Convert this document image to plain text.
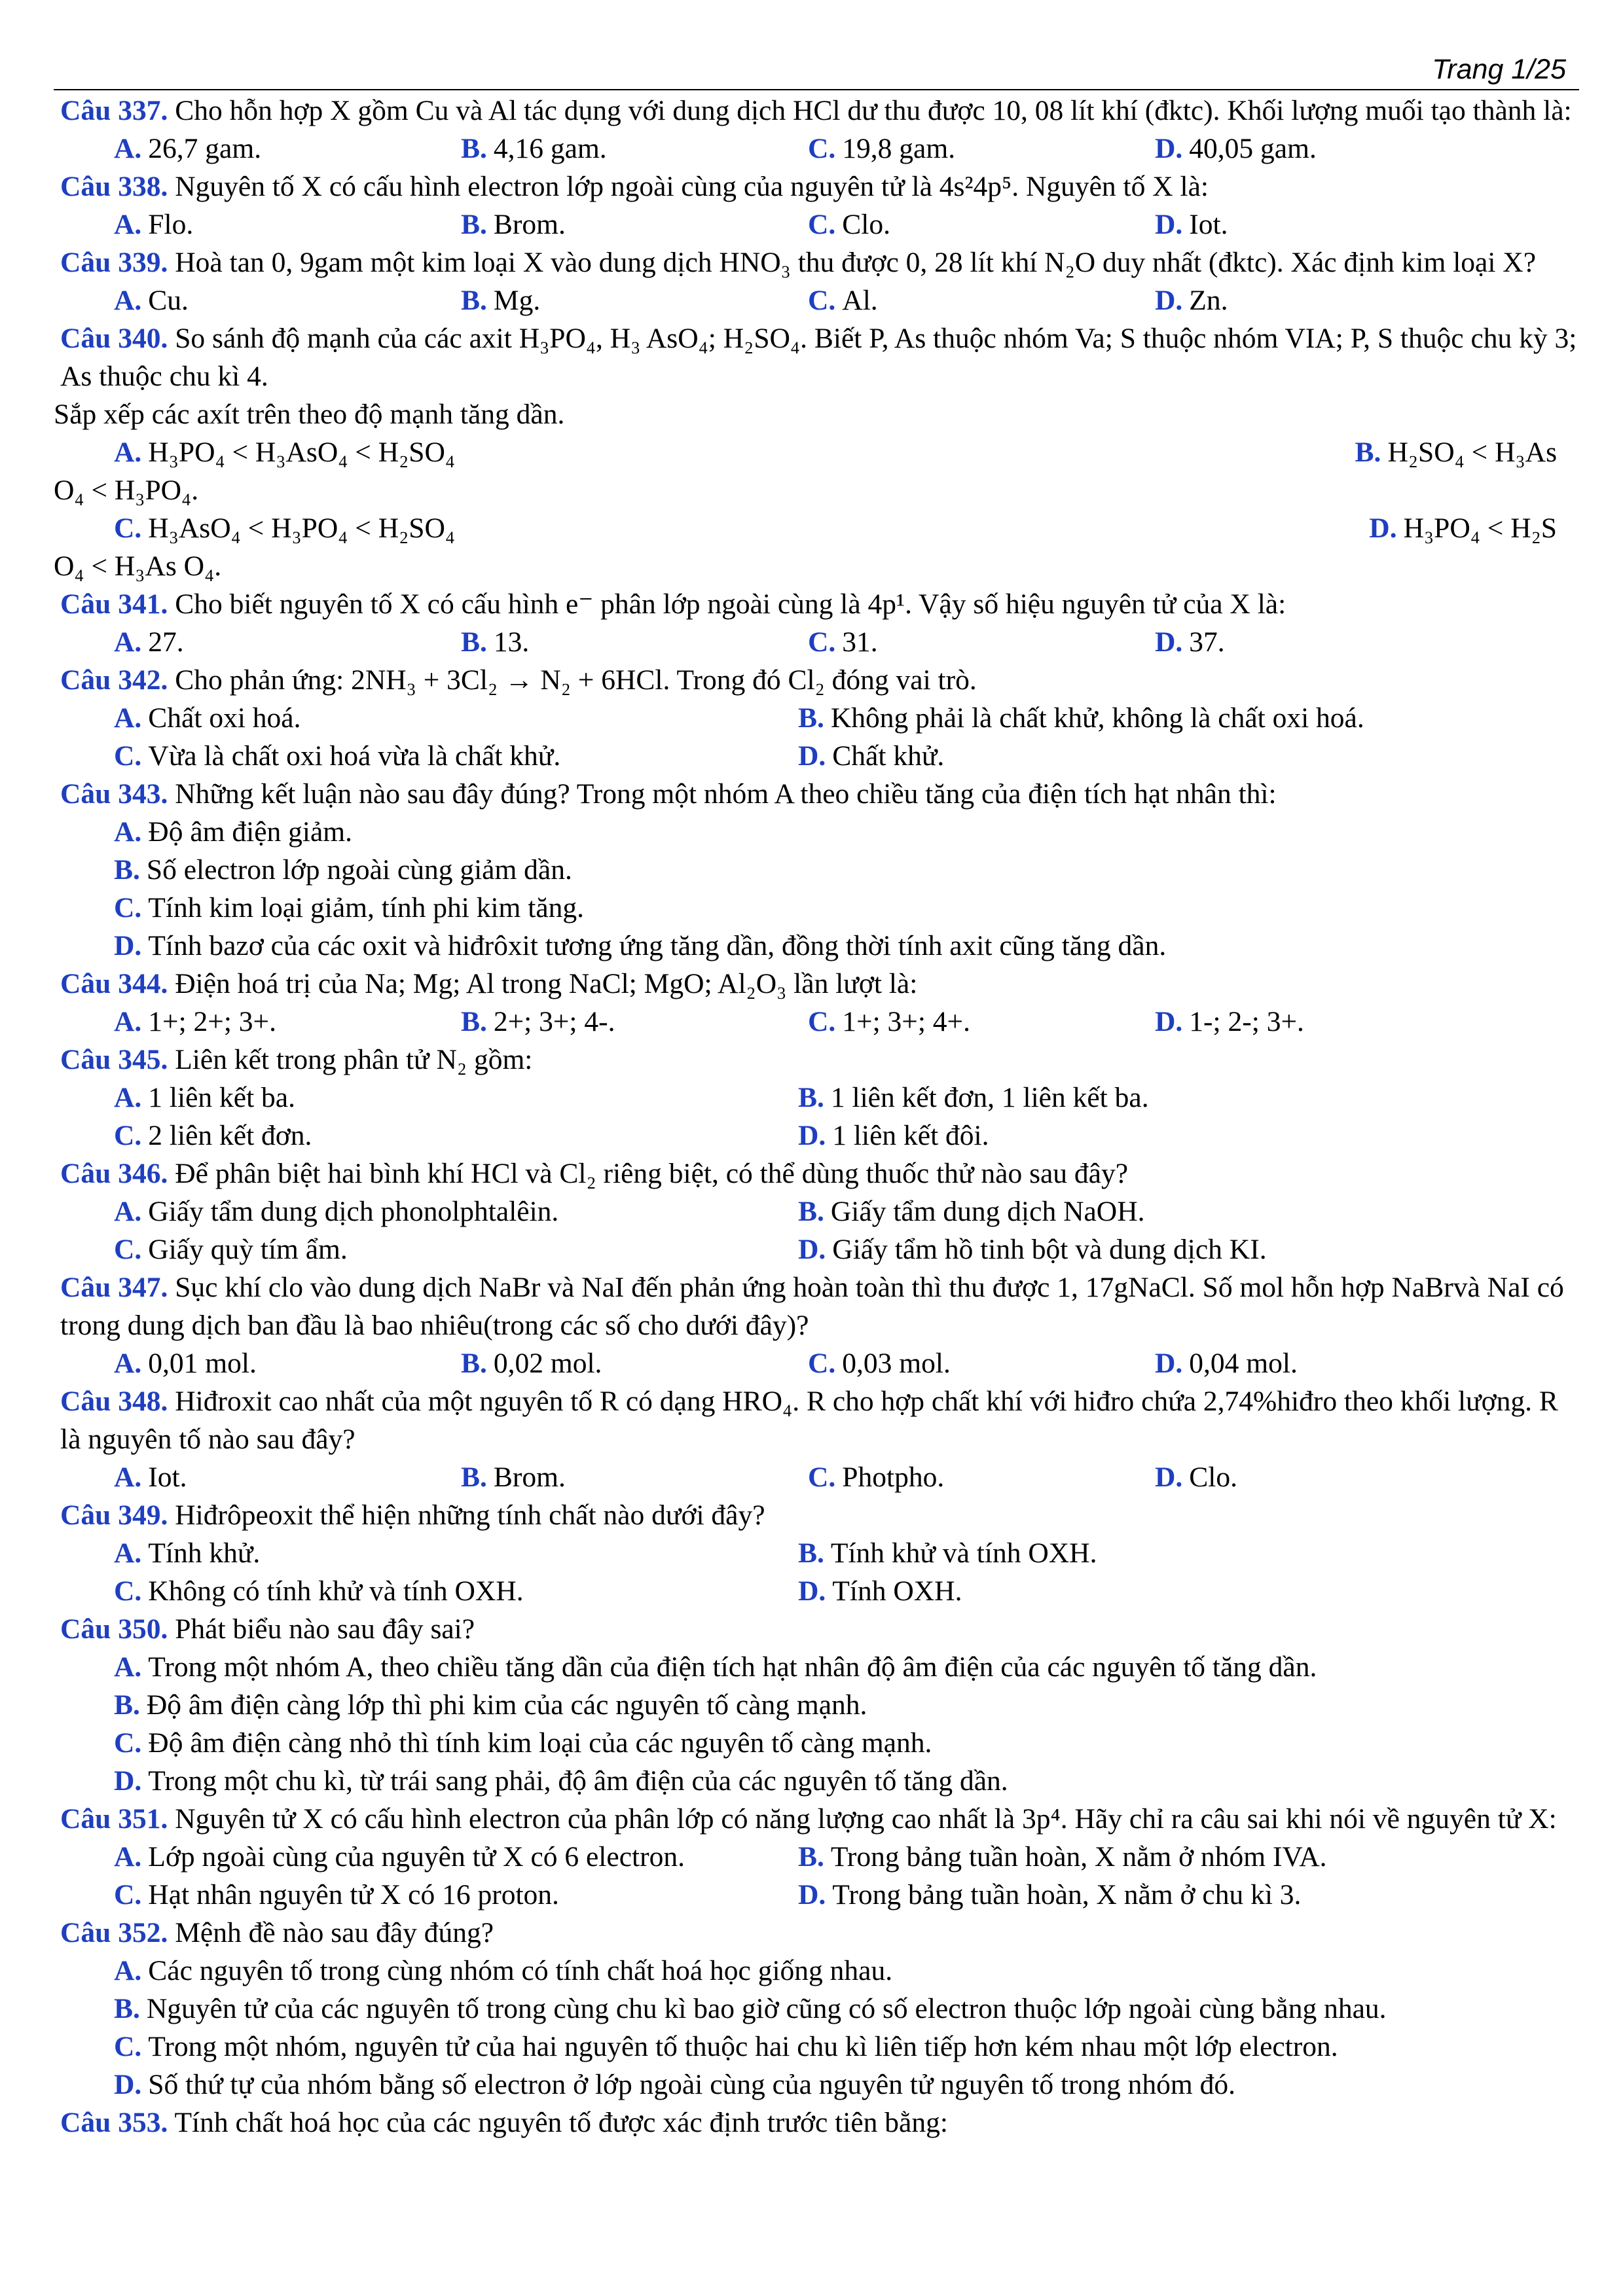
Trang 1/25
Câu 337. Cho hỗn hợp X gồm Cu và Al tác dụng với dung dịch HCl dư thu được 10, 08 lít khí (đktc). Khối lượng muối tạo thành là:
A. 26,7 gam.	B. 4,16 gam.	C. 19,8 gam.	D. 40,05 gam.
Câu 338. Nguyên tố X có cấu hình electron lớp ngoài cùng của nguyên tử là 4s²4p⁵. Nguyên tố X là:
A. Flo.	B. Brom.	C. Clo.	D. Iot.
Câu 339. Hoà tan 0, 9gam một kim loại X vào dung dịch HNO₃ thu được 0, 28 lít khí N₂O duy nhất (đktc). Xác định kim loại X?
A. Cu.	B. Mg.	C. Al.	D. Zn.
Câu 340. So sánh độ mạnh của các axit H₃PO₄, H₃ AsO₄; H₂SO₄. Biết P, As thuộc nhóm Va; S thuộc nhóm VIA; P, S thuộc chu kỳ 3; As thuộc chu kì 4.
Sắp xếp các axít trên theo độ mạnh tăng dần.
A. H₃PO₄ < H₃AsO₄ < H₂SO₄	B. H₂SO₄ < H₃As
O₄ < H₃PO₄.
C. H₃AsO₄ < H₃PO₄ < H₂SO₄	D. H₃PO₄ < H₂S
O₄ < H₃As O₄.
Câu 341. Cho biết nguyên tố X có cấu hình e⁻ phân lớp ngoài cùng là 4p¹. Vậy số hiệu nguyên tử của X là:
A. 27.	B. 13.	C. 31.	D. 37.
Câu 342. Cho phản ứng: 2NH₃ + 3Cl₂ → N₂ + 6HCl. Trong đó Cl₂ đóng vai trò.
A. Chất oxi hoá.	B. Không phải là chất khử, không là chất oxi hoá.
C. Vừa là chất oxi hoá vừa là chất khử.	D. Chất khử.
Câu 343. Những kết luận nào sau đây đúng? Trong một nhóm A theo chiều tăng của điện tích hạt nhân thì:
A. Độ âm điện giảm.
B. Số electron lớp ngoài cùng giảm dần.
C. Tính kim loại giảm, tính phi kim tăng.
D. Tính bazơ của các oxit và hiđrôxit tương ứng tăng dần, đồng thời tính axit cũng tăng dần.
Câu 344. Điện hoá trị của Na; Mg; Al trong NaCl; MgO; Al₂O₃ lần lượt là:
A. 1+; 2+; 3+.	B. 2+; 3+; 4-.	C. 1+; 3+; 4+.	D. 1-; 2-; 3+.
Câu 345. Liên kết trong phân tử N₂ gồm:
A. 1 liên kết ba.	B. 1 liên kết đơn, 1 liên kết ba.
C. 2 liên kết đơn.	D. 1 liên kết đôi.
Câu 346. Để phân biệt hai bình khí HCl và Cl₂ riêng biệt, có thể dùng thuốc thử nào sau đây?
A. Giấy tẩm dung dịch phonolphtalêin.	B. Giấy tẩm dung dịch NaOH.
C. Giấy quỳ tím ẩm.	D. Giấy tẩm hồ tinh bột và dung dịch KI.
Câu 347. Sục khí clo vào dung dịch NaBr và NaI đến phản ứng hoàn toàn thì thu được 1, 17gNaCl. Số mol hỗn hợp NaBrvà NaI có trong dung dịch ban đầu là bao nhiêu(trong các số cho dưới đây)?
A. 0,01 mol.	B. 0,02 mol.	C. 0,03 mol.	D. 0,04 mol.
Câu 348. Hiđroxit cao nhất của một nguyên tố R có dạng HRO₄. R cho hợp chất khí với hiđro chứa 2,74%hiđro theo khối lượng. R là nguyên tố nào sau đây?
A. Iot.	B. Brom.	C. Photpho.	D. Clo.
Câu 349. Hiđrôpeoxit thể hiện những tính chất nào dưới đây?
A. Tính khử.	B. Tính khử và tính OXH.
C. Không có tính khử và tính OXH.	D. Tính OXH.
Câu 350. Phát biểu nào sau đây sai?
A. Trong một nhóm A, theo chiều tăng dần của điện tích hạt nhân độ âm điện của các nguyên tố tăng dần.
B. Độ âm điện càng lớp thì phi kim của các nguyên tố càng mạnh.
C. Độ âm điện càng nhỏ thì tính kim loại của các nguyên tố càng mạnh.
D. Trong một chu kì, từ trái sang phải, độ âm điện của các nguyên tố tăng dần.
Câu 351. Nguyên tử X có cấu hình electron của phân lớp có năng lượng cao nhất là 3p⁴. Hãy chỉ ra câu sai khi nói về nguyên tử X:
A. Lớp ngoài cùng của nguyên tử X có 6 electron.	B. Trong bảng tuần hoàn, X nằm ở nhóm IVA.
C. Hạt nhân nguyên tử X có 16 proton.	D. Trong bảng tuần hoàn, X nằm ở chu kì 3.
Câu 352. Mệnh đề nào sau đây đúng?
A. Các nguyên tố trong cùng nhóm có tính chất hoá học giống nhau.
B. Nguyên tử của các nguyên tố trong cùng chu kì bao giờ cũng có số electron thuộc lớp ngoài cùng bằng nhau.
C. Trong một nhóm, nguyên tử của hai nguyên tố thuộc hai chu kì liên tiếp hơn kém nhau một lớp electron.
D. Số thứ tự của nhóm bằng số electron ở lớp ngoài cùng của nguyên tử nguyên tố trong nhóm đó.
Câu 353. Tính chất hoá học của các nguyên tố được xác định trước tiên bằng:
